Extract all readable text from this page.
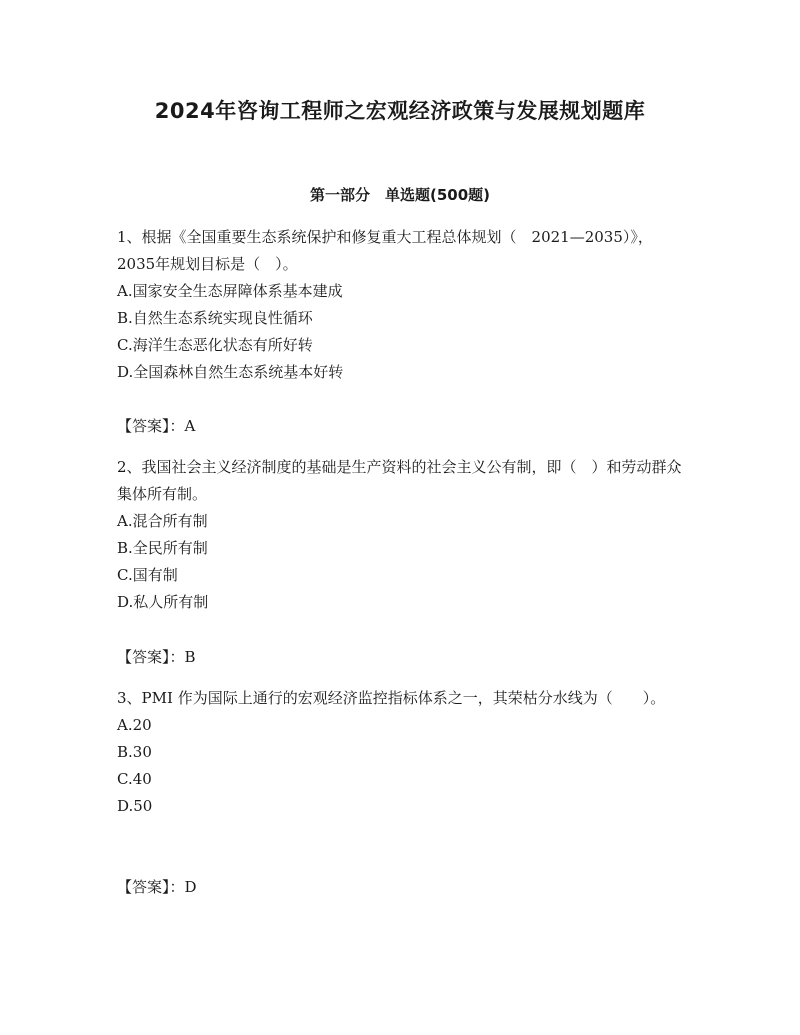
2024年咨询工程师之宏观经济政策与发展规划题库
第一部分　单选题(500题)

1、根据《全国重要生态系统保护和修复重大工程总体规划（　2021—2035）》，2035年规划目标是（　）。

A.国家安全生态屏障体系基本建成
B.自然生态系统实现良性循环
C.海洋生态恶化状态有所好转
D.全国森林自然生态系统基本好转
【答案】：A

2、我国社会主义经济制度的基础是生产资料的社会主义公有制，即（　）和劳动群众集体所有制。

A.混合所有制
B.全民所有制
C.国有制
D.私人所有制
【答案】：B

3、PMI 作为国际上通行的宏观经济监控指标体系之一，其荣枯分水线为（　　）。

A.20
B.30
C.40
D.50
【答案】：D
